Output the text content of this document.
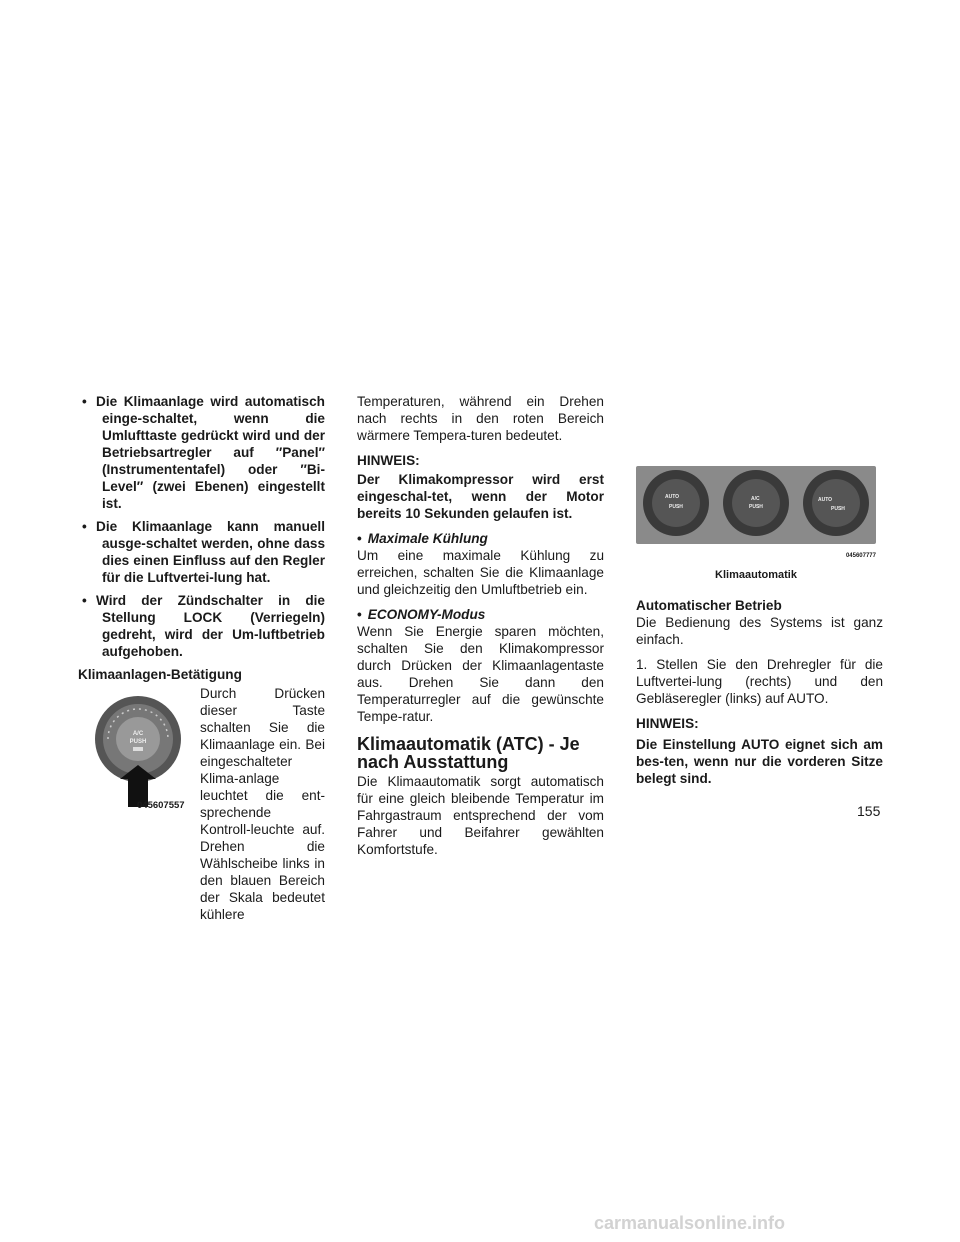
• Die Klimaanlage wird automatisch einge-schaltet, wenn die Umlufttaste gedrückt wird und der Betriebsartregler auf ″Panel″ (Instrumententafel) oder ″Bi-Level″ (zwei Ebenen) eingestellt ist.
• Die Klimaanlage kann manuell ausge-schaltet werden, ohne dass dies einen Einfluss auf den Regler für die Luftvertei-lung hat.
• Wird der Zündschalter in die Stellung LOCK (Verriegeln) gedreht, wird der Um-luftbetrieb aufgehoben.
Klimaanlagen-Betätigung
A/C
PUSH
045607557
Durch Drücken dieser Taste schalten Sie die Klimaanlage ein. Bei eingeschalteter Klima-anlage leuchtet die ent-sprechende Kontroll-leuchte auf. Drehen die Wählscheibe links in den blauen Bereich der Skala bedeutet kühlere
Temperaturen, während ein Drehen nach rechts in den roten Bereich wärmere Tempera-turen bedeutet.
HINWEIS:
Der Klimakompressor wird erst eingeschal-tet, wenn der Motor bereits 10 Sekunden gelaufen ist.
• Maximale Kühlung
Um eine maximale Kühlung zu erreichen, schalten Sie die Klimaanlage und gleichzeitig den Umluftbetrieb ein.
• ECONOMY-Modus
Wenn Sie Energie sparen möchten, schalten Sie den Klimakompressor durch Drücken der Klimaanlagentaste aus. Drehen Sie dann den Temperaturregler auf die gewünschte Tempe-ratur.
Klimaautomatik (ATC) - Je nach Ausstattung
Die Klimaautomatik sorgt automatisch für eine gleich bleibende Temperatur im Fahrgastraum entsprechend der vom Fahrer und Beifahrer gewählten Komfortstufe.
AUTO
PUSH
A/C
PUSH
AUTO
PUSH
045607777
Klimaautomatik
Automatischer Betrieb
Die Bedienung des Systems ist ganz einfach.
1. Stellen Sie den Drehregler für die Luftvertei-lung (rechts) und den Gebläseregler (links) auf AUTO.
HINWEIS:
Die Einstellung AUTO eignet sich am bes-ten, wenn nur die vorderen Sitze belegt sind.
155
carmanualsonline.info
